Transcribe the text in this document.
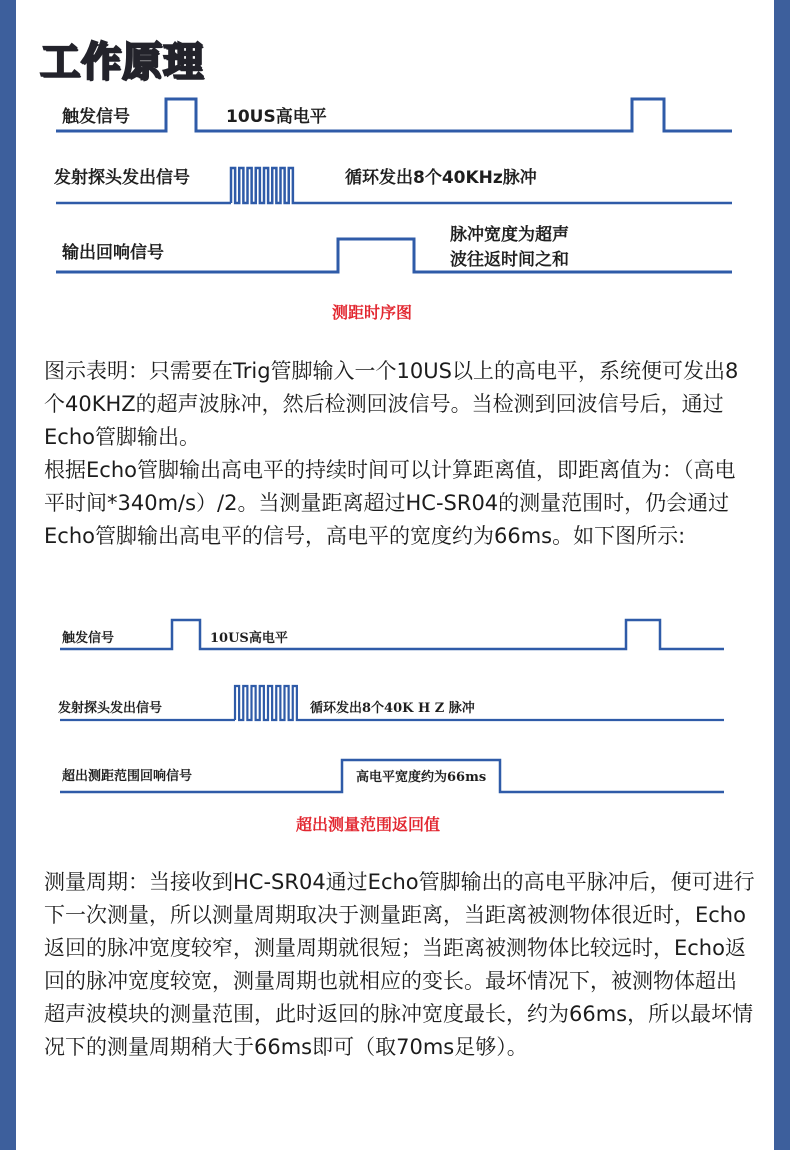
工作原理
触发信号	10US高电平
发射探头发出信号	循环发出8个40KHz脉冲
输出回响信号
脉冲宽度为超声
波往返时间之和
测距时序图
触发信号	10US高电平
发射探头发出信号	循环发出8个40K H Z 脉冲
超出测距范围回响信号	高电平宽度约为66ms
超出测量范围返回值

图示表明：只需要在Trig管脚输入一个10US以上的高电平，系统便可发出8个40KHZ的超声波脉冲，然后检测回波信号。当检测到回波信号后，通过Echo管脚输出。

根据Echo管脚输出高电平的持续时间可以计算距离值，即距离值为：（高电平时间*340m/s）/2。当测量距离超过HC-SR04的测量范围时，仍会通过Echo管脚输出高电平的信号，高电平的宽度约为66ms。如下图所示:

测量周期：当接收到HC-SR04通过Echo管脚输出的高电平脉冲后，便可进行下一次测量，所以测量周期取决于测量距离，当距离被测物体很近时，Echo返回的脉冲宽度较窄，测量周期就很短；当距离被测物体比较远时，Echo返回的脉冲宽度较宽，测量周期也就相应的变长。最坏情况下，被测物体超出超声波模块的测量范围，此时返回的脉冲宽度最长，约为66ms，所以最坏情况下的测量周期稍大于66ms即可（取70ms足够）。
